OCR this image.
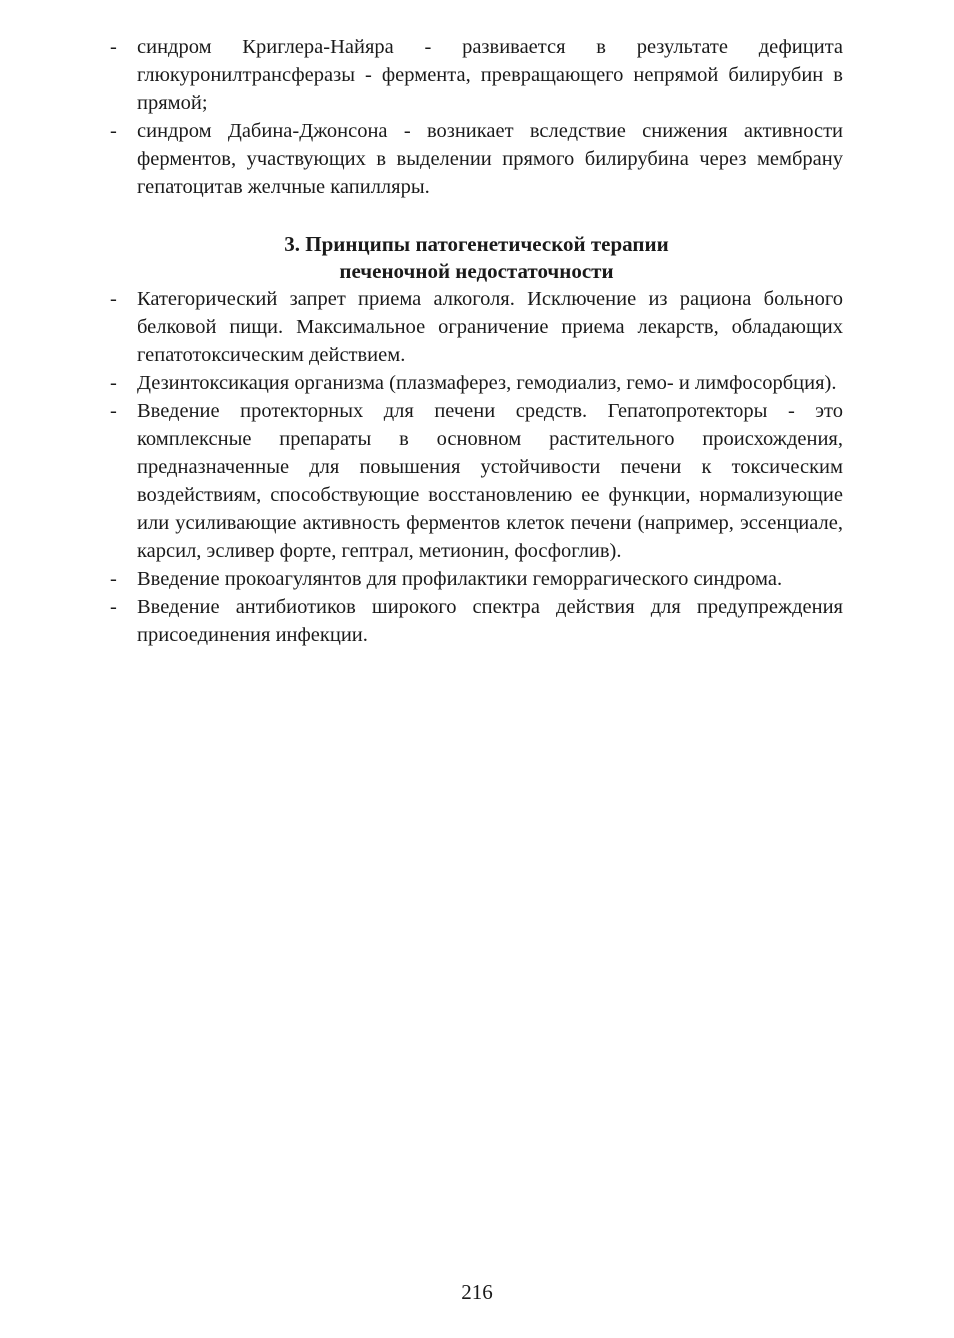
- синдром Криглера-Найяра - развивается в результате дефицита глюкуронилтрансферазы - фермента, превращающего непрямой билирубин в прямой;
- синдром Дабина-Джонсона - возникает вследствие снижения активности ферментов, участвующих в выделении прямого билирубина через мембрану гепатоцитав желчные капилляры.
3. Принципы патогенетической терапии
печеночной недостаточности
- Категорический запрет приема алкоголя. Исключение из рациона больного белковой пищи. Максимальное ограничение приема лекарств, обладающих гепатотоксическим действием.
- Дезинтоксикация организма (плазмаферез, гемодиализ, гемо- и лимфосорбция).
- Введение протекторных для печени средств. Гепатопротекторы - это комплексные препараты в основном растительного происхождения, предназначенные для повышения устойчивости печени к токсическим воздействиям, способствующие восстановлению ее функции, нормализующие или усиливающие активность ферментов клеток печени (например, эссенциале, карсил, эсливер форте, гептрал, метионин, фосфоглив).
- Введение прокоагулянтов для профилактики геморрагического синдрома.
- Введение антибиотиков широкого спектра действия для предупреждения присоединения инфекции.
216
